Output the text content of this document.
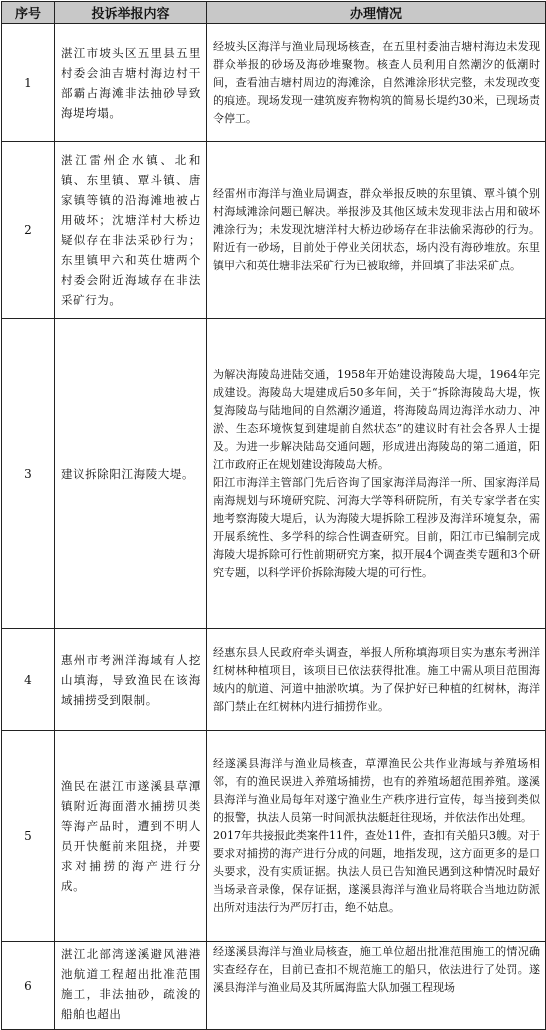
序号	投诉举报内容	办理情况
1	湛江市坡头区五里县五里村委会油吉塘村海边村干部霸占海滩非法抽砂导致海堤垮塌。	经坡头区海洋与渔业局现场核查，在五里村委油吉塘村海边未发现群众举报的砂场及海砂堆聚物。核查人员利用自然潮汐的低潮时间，查看油吉塘村周边的海滩涂，自然滩涂形状完整，未发现改变的痕迹。现场发现一建筑废弃物构筑的简易长堤约30米，已现场责令停工。

2	湛江雷州企水镇、北和镇、东里镇、覃斗镇、唐家镇等镇的沿海滩地被占用破坏；沈塘洋村大桥边疑似存在非法采砂行为；东里镇甲六和英仕塘两个村委会附近海域存在非法采矿行为。	经雷州市海洋与渔业局调查，群众举报反映的东里镇、覃斗镇个别村海域滩涂问题已解决。举报涉及其他区域未发现非法占用和破坏滩涂行为；未发现沈塘洋村大桥边砂场存在非法偷采海砂的行为。附近有一砂场，目前处于停业关闭状态，场内没有海砂堆放。东里镇甲六和英仕塘非法采矿行为已被取缔，并回填了非法采矿点。

3	建议拆除阳江海陵大堤。	为解决海陵岛进陆交通，1958年开始建设海陵岛大堤，1964年完成建设。海陵岛大堤建成后50多年间，关于“拆除海陵岛大堤，恢复海陵岛与陆地间的自然潮汐通道，将海陵岛周边海洋水动力、冲淤、生态环境恢复到建堤前自然状态”的建议时有社会各界人士提及。为进一步解决陆岛交通问题，形成进出海陵岛的第二通道，阳江市政府正在规划建设海陵岛大桥。

阳江市海洋主管部门先后咨询了国家海洋局海洋一所、国家海洋局南海规划与环境研究院、河海大学等科研院所，有关专家学者在实地考察海陵大堤后，认为海陵大堤拆除工程涉及海洋环境复杂，需开展系统性、多学科的综合性调查研究。目前，阳江市已编制完成海陵大堤拆除可行性前期研究方案，拟开展4个调查类专题和3个研究专题，以科学评价拆除海陵大堤的可行性。

4	惠州市考洲洋海域有人挖山填海，导致渔民在该海域捕捞受到限制。	经惠东县人民政府牵头调查，举报人所称填海项目实为惠东考洲洋红树林种植项目，该项目已依法获得批准。施工中需从项目范围海域内的航道、河道中抽淤吹填。为了保护好已种植的红树林，海洋部门禁止在红树林内进行捕捞作业。

5	渔民在湛江市遂溪县草潭镇附近海面潜水捕捞贝类等海产品时，遭到不明人员开快艇前来阻挠，并要求对捕捞的海产进行分成。	经遂溪县海洋与渔业局核查，草潭渔民公共作业海域与养殖场相邻，有的渔民误进入养殖场捕捞，也有的养殖场超范围养殖。遂溪县海洋与渔业局每年对遂宁渔业生产秩序进行宣传，每当接到类似的报警，执法人员第一时间派执法艇赶往现场，并依法作出处理。

2017年共接报此类案件11件，查处11件，查扣有关船只3艘。对于要求对捕捞的海产进行分成的问题，地指发现，这方面更多的是口头要求，没有实质证据。执法人员已告知渔民遇到这种情况时最好当场录音录像，保存证据，遂溪县海洋与渔业局将联合当地边防派出所对违法行为严厉打击，绝不姑息。

6	湛江北部湾遂溪避风港港池航道工程超出批准范围施工，非法抽砂，疏浚的船舶也超出	经遂溪县海洋与渔业局核查，施工单位超出批准范围施工的情况确实查经存在，目前已查扣不规范施工的船只，依法进行了处罚。遂溪县海洋与渔业局及其所属海监大队加强工程现场
